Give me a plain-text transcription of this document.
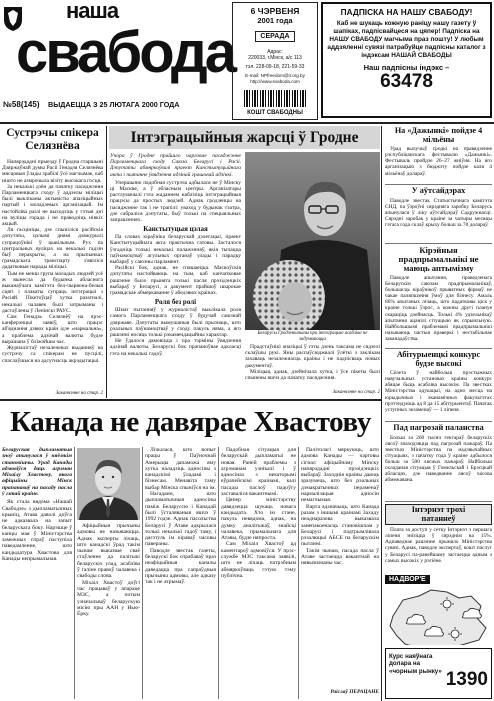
наша
свабода
№58(145) ВЫДАЕЦЦА З 25 ЛЮТАГА 2000 ГОДА
6 ЧЭРВЕНЯ
2001 года
СЕРАДА
Адрас:
220033, г.Мінск, а/с 113
тэл. 228-09-18, 221-59-33
E-mail: NPfreedom@it.org.by
http://www.svaboda.com
КОШТ СВАБОДНЫ
ПАДПІСКА НА НАШУ СВАБОДУ!
Каб не шукаць кожную раніцу нашу газету ў шапіках, падпісвайцеся на цяпер! Падпіска на НАШУ СВАБОДУ магчыма праз пошту! У любым аддзяленні сувязі патрабуйце падпісны каталог з індэксам НАШАЙ СВАБОДЫ
Наш падпісны індэкс –
63478
Сустрэчы спікера Селязнёва

Напярэдадні прыезду ў Гродна старшыні Дзяржаўнай думы Расіі Генадзя Селязнёва мясцовыя ўлады зрабілі ўсё магчымае, каб нішто не азмрочыла візіту высокага госця.

За некалькі дзён да пачатку пасяджэння Парламенцкага сходу ў аддзелы міліцыі былі выкліканы актывісты апазіцыйных партый і моладзевых арганізацый. Ім настойліва раілі не выходзіць у гэтыя дні на вуліцы горада і не праводзіць ніякіх акцый.

Ля гасцініцы, дзе спыніліся расійскія дэпутаты, цэлымі днямі дзяжурылі супрацоўнікі ў цывільным. Рух па цэнтральных вуліцах на некалькі гадзін быў перакрыты, а на прыпынках грамадскага транспарту з'явіліся дадатковыя нарады міліцыі.

Тым не менш група маладых людзей усё ж вынесла да будынка абласнога выканаўчага камітэта бел-чырвона-белыя сцягі і плакаты супраць інтэграцыі з Расіяй. Пікетоўцаў хутка разагналі, некалькі чалавек былі затрыманы і дастаўлены ў Ленінскі РАУС.

Сам Генадзь Селязнёў на прэс-канферэнцыі заявіў, што працэс аб'яднання дзвюх краін ідзе «нармальна», а праблема адзінай валюты будзе вырашана ў бліжэйшы час.

Журналістаў незалежных выданняў на сустрэчу са спікерам не пусцілі, спаслаўшыся на адсутнасць акрэдытацыі.

Заканчэнне на стар. 2
Інтэграцыйныя жарсці ў Гродне

Учора ў Гродне прайшло чарговае пасяджэнне Парламенцкага сходу Саюза Беларусі і Расіі. Дэпутаты абмяркоўвалі праект Канстытуцыйнага акта і пытанне ўвядзення адзінай грашовай адзінкі.

Упершыню падобная сустрэча адбылася не ў Мінску ці Маскве, а ў абласным цэнтры. Арганізатары растлумачылі гэта жаданнем наблізіць інтэграцыйныя працэсы да простых людзей. Аднак гродзенцы на пасяджэнне так і не трапілі: уваход у будынак тэатра, дзе сабраліся дэпутаты, быў толькі па спецыяльных запрашэннях.

Канстытуцыя цэлая

Па словах кіраўніка беларускай дэлегацыі, праект Канстытуцыйнага акта практычна гатовы. Засталося ўзгадніць толькі некалькі палажэнняў, якія тычацца паўнамоцтваў агульных органаў улады і парадку выбараў у саюзны парламент.

Расійскі бок, аднак, не спяшаецца. Маскоўскія дэпутаты настойваюць на тым, каб канчатковае рашэнне было прынята толькі пасля прэзідэнцкіх выбараў у Беларусі, а дакумент прайшоў шырокае грамадскае абмеркаванне ў абедзвюх краінах.

Роля без ролі

Шмат пытанняў у журналістаў выклікала роля самога Парламенцкага сходу ў будучай саюзнай дзяржаве. Дэпутаты вымушаныя былі прызнаць, што рэальных паўнамоцтваў у сходу пакуль няма, а яго рашэнні носяць толькі рэкамендацыйны характар.

Не ўдалося дамовіцца і пра тэрміны ўвядзення адзінай валюты. Беларускі бок прапаноўвае адкласці гэта на некалькі гадоў.

Беларусы Гродзеншчыны пра інтэграцыю асабліва не задумваюцца

Прадстаўнікі апазіцыі ў гэты дзень таксама не сядзелі склаўшы рукі. Яны распаўсюджвалі ўлёткі з заклікам захаваць незалежнасць краіны і не падпісваць новых дакументаў.

Міліцыя, аднак, дзейнічала хутка, і ўсе пікеты былі спынены яшчэ да пачатку пасяджэння.

Заканчэнне на стар. 2
Канада не давярае Хвастову

Беларуская дыпламатыя зноў апынулася ў няёмкім становішчы. Урад Канады адмовіўся даць агрэман Міхаілу Хвастову, якога афіцыйны Мінск прапанаваў на пасаду пасла ў гэтай краіне.

Як стала вядома «Нашай Свабодзе» з дыпламатычных крыніц, Атава даволі доўга не адказвала на запыт беларускага боку. Нарэшце ў канцы мая ў Міністэрства замежных спраў паступіла паведамленне, што кандыдатура Хвастова для Канады непрымальная.

Афіцыйныя прычыны адмовы не называюцца. Аднак эксперты лічаць, што канадскі ўрад такім чынам выказвае сваё стаўленне да палітыкі беларускіх улад, асабліва ў галіне правоў чалавека і свабоды слова.

Міхаіл Хвастоў доўгі час працаваў у апараце МЗС, а потым узначальваў беларускую місію пры ААН у Нью-Ёрку.

Лічылася, што вопыт працы ў Паўночнай Амерыцы дапаможа яму хутка наладзіць адносіны з канадскімі ўладамі і бізнесам. Менавіта таму выбар Мінска спыніўся на ім.

Нагадаем, што дыпламатычныя адносіны паміж Беларуссю і Канадай былі ўсталяваныя яшчэ ў 1992 годзе. Аднак пасольства Беларусі ў Атаве адкрылася толькі некалькі гадоў таму, і дагэтуль ім кіраваў часовы павераны.

Паводле звестак газеты, беларускі бок спрабаваў праз неафіцыйныя каналы даведацца пра сапраўдныя прычыны адмовы, але адказу так і не атрымаў.

Падобная сітуацыя для беларускай дыпламатыі не новая. Раней праблемы з агрэманам узнікалі і ў адносінах з некаторымі еўрапейскімі краінамі, калі пасады паслоў падоўгу заставаліся вакантнымі.

Цяпер міністэрству давядзецца шукаць новага кандыдата. Хто ім стане, пакуль невядома, аднак, на думку аналітыкаў, знайсці чалавека, прымальнага для Атавы, будзе няпроста.

Сам Міхаіл Хвастоў ад каментароў адмовіўся. У прэс-службе МЗС таксама заявілі, што не лічаць патрэбным абмяркоўваць гэтую тэму публічна.

Палітолагі мяркуюць, што адмова Канады — чарговы сігнал афіцыйнаму Мінску напярэдадні прэзідэнцкіх выбараў. Заходнія краіны даюць зразумець, што без рэальных дэмакратычных пераменаў нармалізацыя адносін немагчымая.

Варта адзначыць, што Канада разам з іншымі краінамі Захаду неаднаразова выказвала занепакоенасць становішчам у Беларусі і падтрымлівала рэзалюцыі АБСЕ па беларускім пытанні.

Такім чынам, пасада пасла ў Атаве застаецца вакантнай на нявызначаны час.

Раіслаў ПЕРАЦАНЕ
На «Дажынкі» пойдзе 4 мільёны

Урад вылучыў сродкі на правядзенне рэспубліканскага фестывалю «Дажынкі». Фестываль пройдзе 26–27 жніўня. На яго арганізацыю з бюджэту пойдзе каля 4 мільёнаў долараў.

У аўтсайдэрах

Паводле звестак Статыстычнага камітэта СНД, па ўзроўні сярэдняга заробку Беларусь апынулася ў ліку аўтсайдэраў Садружнасці. Сярэдні заробак у краіне за чатыры месяцы гэтага года склаў крыху больш за 70 долараў.

Кірэйныя прадпрымальнікі не маюць аптымізму

Паводле апытання, праведзенага Беларускім саюзам прадпрымальнікаў, большасць кіраўнікоў прыватных фірмаў не чакае паляпшэння ўмоў для бізнесу. Амаль 86% апытаных лічаць, што падатковы ціск у краіне толькі ўзрос, а кожны другі плануе скараціць дзейнасць. Толькі 4% удзельнікаў апытання ацанілі сітуацыю як спрыяльную. Найбольшымі праблемамі прадпрымальнікі называюць частыя праверкі і нестабільнае заканадаўства.

Абітурыенцкі конкурс будзе высокі

Сёлета ў найбольш прэстыжных навучальных установах краіны конкурс абяцае быць асабліва высокім. Па звестках Міністэрства адукацыі, на адно месца на юрыдычных і эканамічных факультэтах прэтэндуюць ад 8 да 15 абітурыентаў. Пачатак уступных экзаменаў — 1 ліпеня.

Пад пагрозай паланства

Больш за 260 тысяч гектараў беларускіх лясоў знаходзяцца пад пагрозай пажараў. Па звестках Міністэрства па надзвычайных сітуацыях, з пачатку года ў краіне адбылося больш за 500 лясных пажараў. Найбольш складаная сітуацыя ў Гомельскай і Брэсцкай абласцях, дзе наведванне лясоў часова абмежавана.

Інтэрнэт трохі патаннеў

Плата за доступ у сетку Інтэрнэт з першага ліпеня знізіцца ў сярэднім на 15%. Адпаведнае рашэнне прыняло Міністэрства сувязі. Аднак, паводле экспертаў, кошт паслуг у Беларусі па-ранейшаму застаецца адным з самых высокіх у рэгіёне.

НАДВОР'Е
Курс наяўнага долара на «чорным рынку» 1390
